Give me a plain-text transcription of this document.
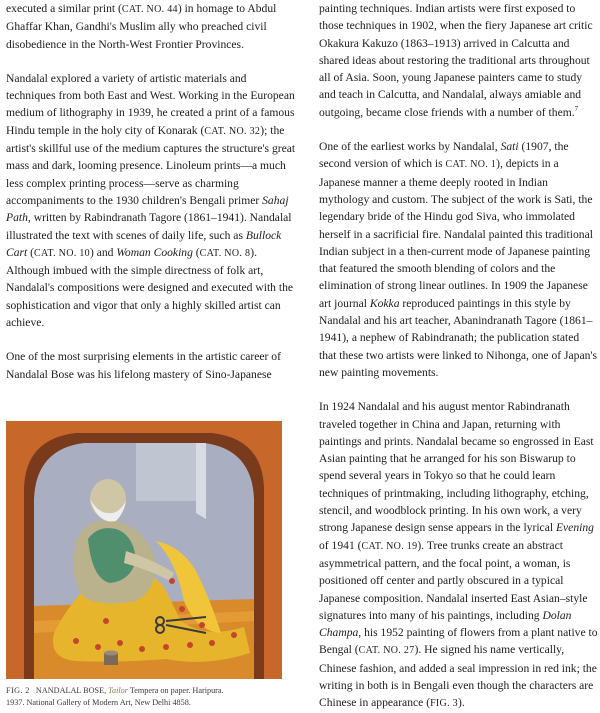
executed a similar print (CAT. NO. 44) in homage to Abdul Ghaffar Khan, Gandhi's Muslim ally who preached civil disobedience in the North-West Frontier Provinces.

Nandalal explored a variety of artistic materials and techniques from both East and West. Working in the European medium of lithography in 1939, he created a print of a famous Hindu temple in the holy city of Konarak (CAT. NO. 32); the artist's skillful use of the medium captures the structure's great mass and dark, looming presence. Linoleum prints—a much less complex printing process—serve as charming accompaniments to the 1930 children's Bengali primer Sahaj Path, written by Rabindranath Tagore (1861–1941). Nandalal illustrated the text with scenes of daily life, such as Bullock Cart (CAT. NO. 10) and Woman Cooking (CAT. NO. 8). Although imbued with the simple directness of folk art, Nandalal's compositions were designed and executed with the sophistication and vigor that only a highly skilled artist can achieve.

One of the most surprising elements in the artistic career of Nandalal Bose was his lifelong mastery of Sino-Japanese

painting techniques. Indian artists were first exposed to those techniques in 1902, when the fiery Japanese art critic Okakura Kakuzo (1863–1913) arrived in Calcutta and shared ideas about restoring the traditional arts throughout all of Asia. Soon, young Japanese painters came to study and teach in Calcutta, and Nandalal, always amiable and outgoing, became close friends with a number of them.$^7$

One of the earliest works by Nandalal, Sati (1907, the second version of which is CAT. NO. 1), depicts in a Japanese manner a theme deeply rooted in Indian mythology and custom. The subject of the work is Sati, the legendary bride of the Hindu god Siva, who immolated herself in a sacrificial fire. Nandalal painted this traditional Indian subject in a then-current mode of Japanese painting that featured the smooth blending of colors and the elimination of strong linear outlines. In 1909 the Japanese art journal Kokka reproduced paintings in this style by Nandalal and his art teacher, Abanindranath Tagore (1861–1941), a nephew of Rabindranath; the publication stated that these two artists were linked to Nihonga, one of Japan's new painting movements.

In 1924 Nandalal and his august mentor Rabindranath traveled together in China and Japan, returning with paintings and prints. Nandalal became so engrossed in East Asian painting that he arranged for his son Biswarup to spend several years in Tokyo so that he could learn techniques of printmaking, including lithography, etching, stencil, and woodblock printing. In his own work, a very strong Japanese design sense appears in the lyrical Evening of 1941 (CAT. NO. 19). Tree trunks create an abstract asymmetrical pattern, and the focal point, a woman, is positioned off center and partly obscured in a typical Japanese composition. Nandalal inserted East Asian–style signatures into many of his paintings, including Dolan Champa, his 1952 painting of flowers from a plant native to Bengal (CAT. NO. 27). He signed his name vertically, Chinese fashion, and added a seal impression in red ink; the writing in both is in Bengali even though the characters are Chinese in appearance (FIG. 3).

FIG. 2 NANDALAL BOSE, Tailor Tempera on paper. Haripura.
1937. National Gallery of Modern Art, New Delhi 4858.
